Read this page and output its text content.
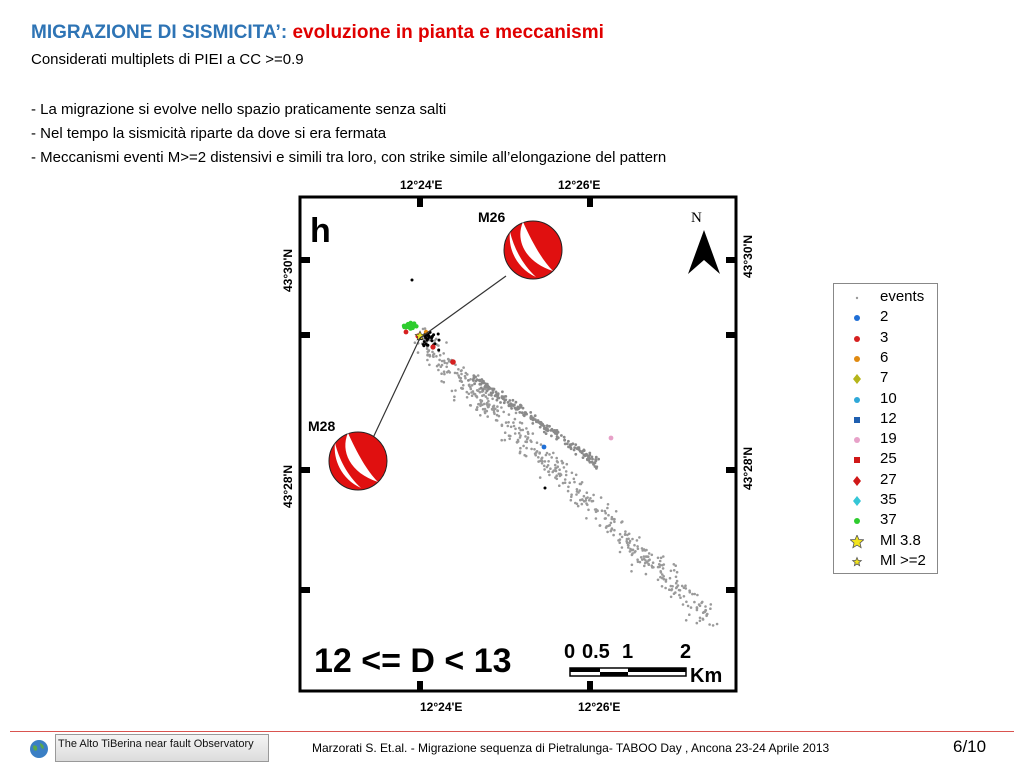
MIGRAZIONE DI SISMICITA’: evoluzione in pianta e meccanismi
Considerati multiplets di PIEI a CC >=0.9
- La migrazione si evolve nello spazio praticamente senza salti
- Nel tempo la sismicità riparte da dove si era fermata
- Meccanismi eventi M>=2 distensivi e simili tra loro, con strike simile all’elongazione del pattern
12°24'E	12°26'E
12°24'E	12°26'E
43°30'N
43°28'N
43°30'N
43°28'N
h	N
M26
M28
12 <= D < 13	0 0.5 1 2
Km
events
2
3
6
7
10
12
19
25
27
35
37
Ml 3.8
Ml >=2
The Alto TiBerina near fault Observatory	Marzorati S. Et.al. - Migrazione sequenza di Pietralunga- TABOO Day , Ancona 23-24 Aprile 2013	6/10
